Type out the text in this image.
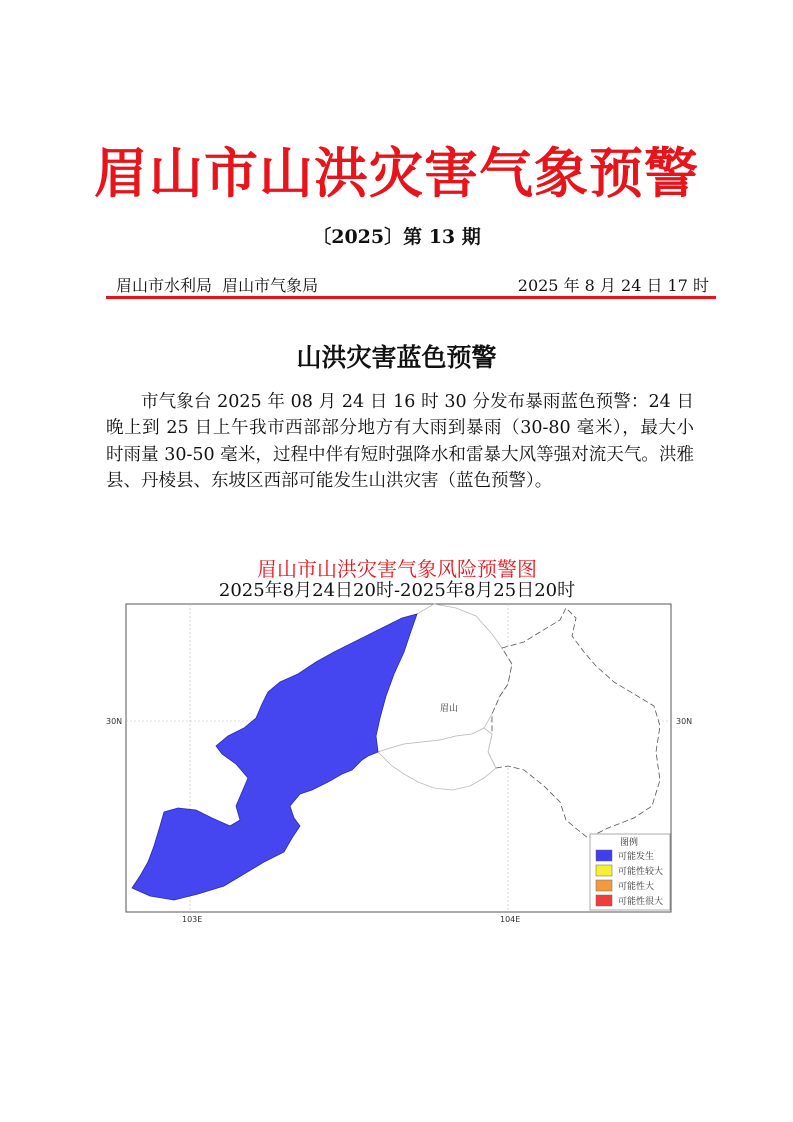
眉山市山洪灾害气象预警
〔2025〕第 13 期
眉山市水利局  眉山市气象局	2025 年 8 月 24 日 17 时
山洪灾害蓝色预警
市气象台 2025 年 08 月 24 日 16 时 30 分发布暴雨蓝色预警：24 日晚上到 25 日上午我市西部部分地方有大雨到暴雨（30-80 毫米），最大小时雨量 30-50 毫米，过程中伴有短时强降水和雷暴大风等强对流天气。洪雅县、丹棱县、东坡区西部可能发生山洪灾害（蓝色预警）。
眉山市山洪灾害气象风险预警图
2025年8月24日20时-2025年8月25日20时
30N	30N
103E	104E
眉山
图例
可能发生
可能性较大
可能性大
可能性很大
